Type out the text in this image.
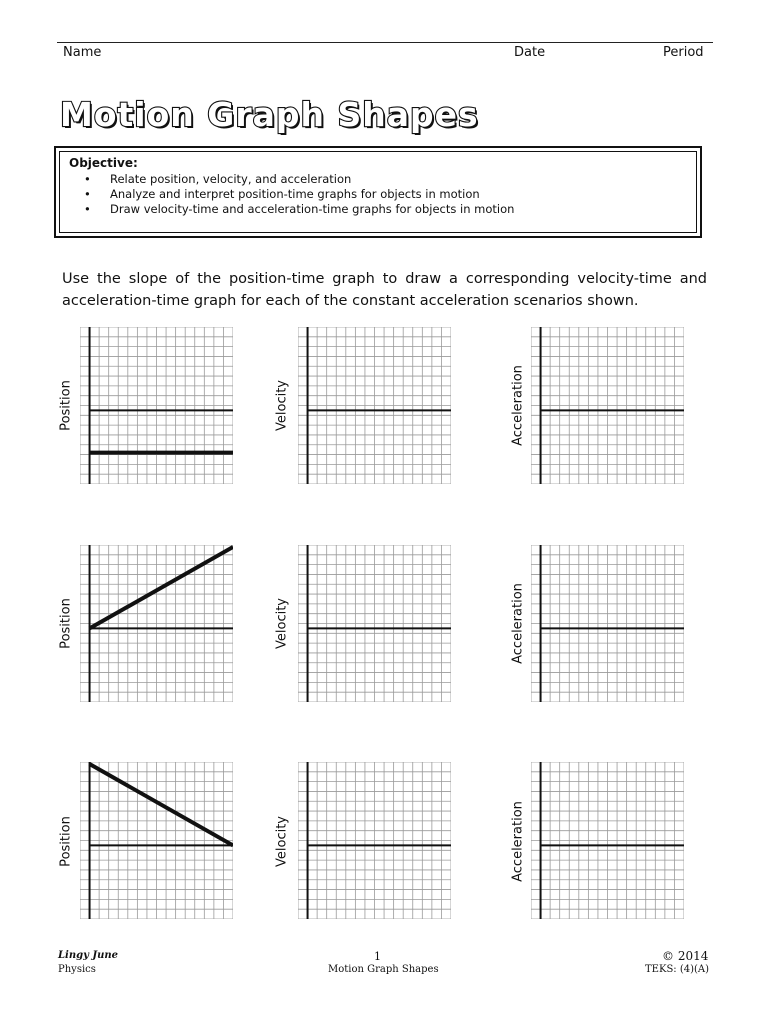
Name	Date	Period
Motion Graph Shapes
Objective:
• Relate position, velocity, and acceleration
• Analyze and interpret position-time graphs for objects in motion
• Draw velocity-time and acceleration-time graphs for objects in motion
Use the slope of the position-time graph to draw a corresponding velocity-time and acceleration-time graph for each of the constant acceleration scenarios shown.
Position	Velocity	Acceleration
Position	Velocity	Acceleration
Position	Velocity	Acceleration
Lingy June
Physics
1
Motion Graph Shapes
© 2014
TEKS: (4)(A)
